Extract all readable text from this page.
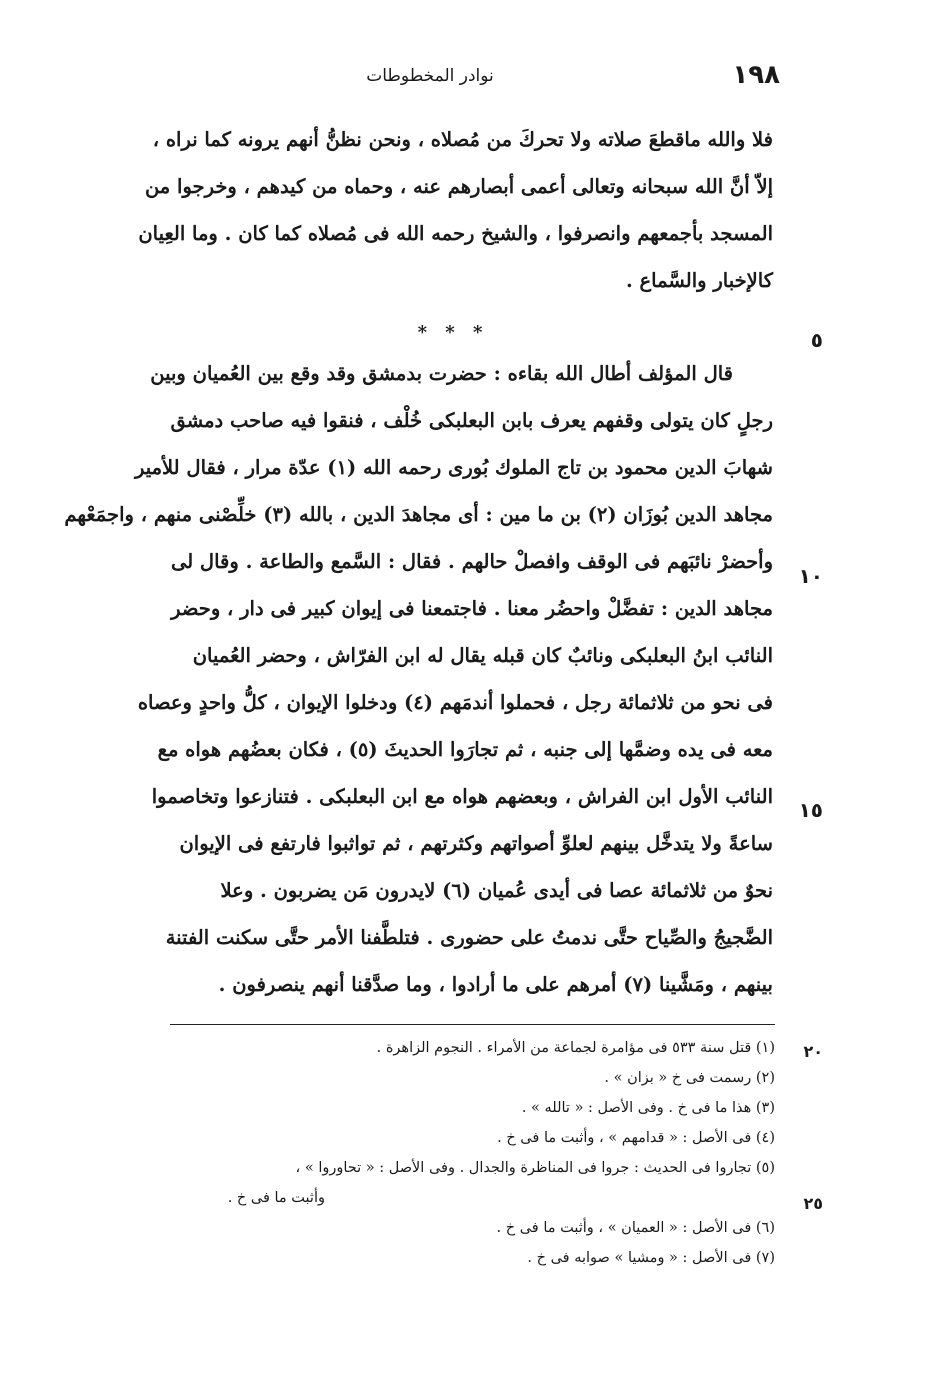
١٩٨
نوادر المخطوطات
فلا والله ماقطعَ صلاته ولا تحركَ من مُصلاه ، ونحن نظنُّ أنهم يرونه كما نراه ،
إلاّ أنَّ الله سبحانه وتعالى أعمى أبصارهم عنه ، وحماه من كيدهم ، وخرجوا من
المسجد بأجمعهم وانصرفوا ، والشيخ رحمه الله فى مُصلاه كما كان . وما العِيان
كالإخبار والسَّماع .
* * *	٥
قال المؤلف أطال الله بقاءه : حضرت بدمشق وقد وقع بين العُميان وبين
رجلٍ كان يتولى وقفهم يعرف بابن البعلبكى خُلْف ، فنقوا فيه صاحب دمشق
شهابَ الدين محمود بن تاج الملوك بُورى رحمه الله (١) عدّة مرار ، فقال للأمير
مجاهد الدين بُوزَان (٢) بن ما مين : أى مجاهدَ الدين ، بالله (٣) خلِّصْنى منهم ، واجمَعْهم
وأحضرْ نائبَهم فى الوقف وافصلْ حالهم . فقال : السَّمع والطاعة . وقال لى
مجاهد الدين : تفضَّلْ واحضُر معنا . فاجتمعنا فى إيوان كبير فى دار ، وحضر
النائب ابنُ البعلبكى ونائبٌ كان قبله يقال له ابن الفرّاش ، وحضر العُميان
فى نحو من ثلاثمائة رجل ، فحملوا أندمَهم (٤) ودخلوا الإيوان ، كلُّ واحدٍ وعصاه
معه فى يده وضمَّها إلى جنبه ، ثم تجارَوا الحديثَ (٥) ، فكان بعضُهم هواه مع
النائب الأول ابن الفراش ، وبعضهم هواه مع ابن البعلبكى . فتنازعوا وتخاصموا
ساعةً ولا يتدخَّل بينهم لعلوِّ أصواتهم وكثرتهم ، ثم تواثبوا فارتفع فى الإيوان
نحوٌ من ثلاثمائة عصا فى أيدى عُميان (٦) لايدرون مَن يضربون . وعلا
الضَّجيجُ والصِّياح حتَّى ندمتُ على حضورى . فتلطَّفنا الأمر حتَّى سكنت الفتنة
بينهم ، ومَشَّينا (٧) أمرهم على ما أرادوا ، وما صدَّقنا أنهم ينصرفون .
١٠
١٥
(١) قتل سنة ٥٣٣ فى مؤامرة لجماعة من الأمراء . النجوم الزاهرة .
(٢) رسمت فى خ « بزان » .
(٣) هذا ما فى خ . وفى الأصل : « تالله » .
(٤) فى الأصل : « قدامهم » ، وأثبت ما فى خ .
(٥) تجاروا فى الحديث : جروا فى المناظرة والجدال . وفى الأصل : « تحاوروا » ،
وأثبت ما فى خ .
(٦) فى الأصل : « العميان » ، وأثبت ما فى خ .
(٧) فى الأصل : « ومشيا » صوابه فى خ .
٢٠
٢٥
